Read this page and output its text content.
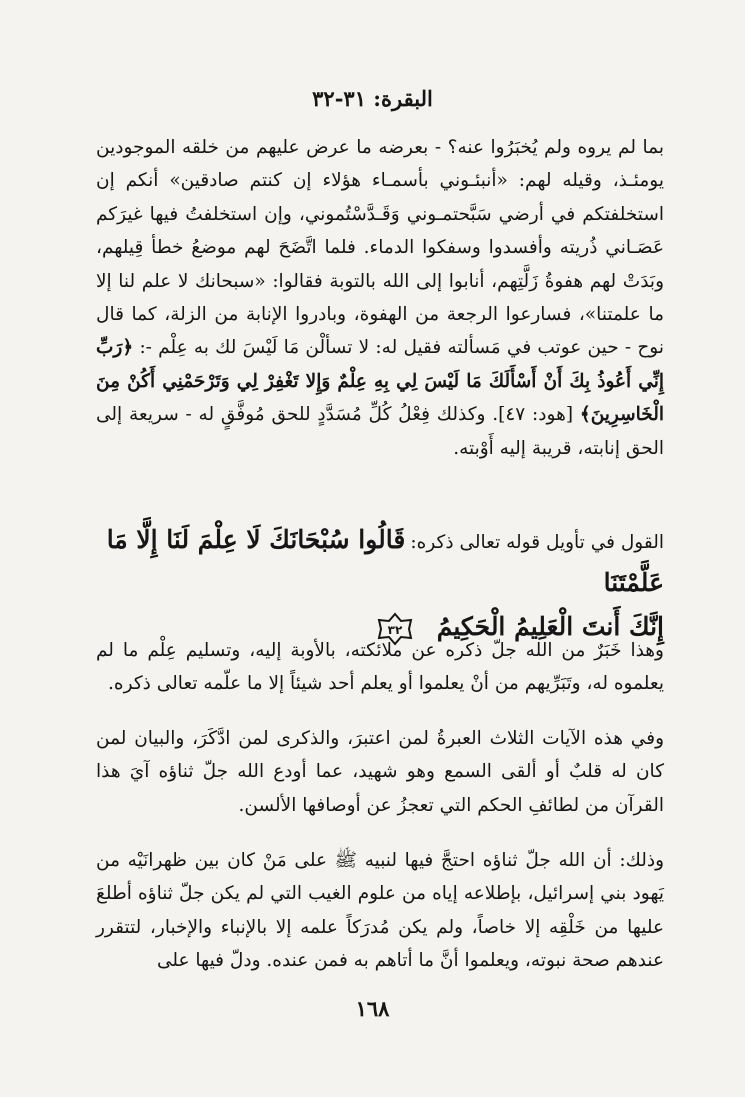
البقرة: ٣١-٣٢

بما لم يروه ولم يُخبَرُوا عنه؟ - بعرضه ما عرض عليهم من خلقه الموجودين يومئـذ، وقيله لهم: «أنبئـوني بأسمـاء هؤلاء إن كنتم صادقين» أنكم إن استخلفتكم في أرضي سَبَّحتمـوني وَقَـدَّسْتُموني، وإن استخلفتُ فيها غيرَكم عَصَـاني ذُريته وأفسدوا وسفكوا الدماء. فلما اتَّضَحَ لهم موضعُ خطأ قِيلهم، وبَدَتْ لهم هفوةُ زَلَّتِهم، أنابوا إلى الله بالتوبة فقالوا: «سبحانك لا علم لنا إلا ما علمتنا»، فسارعوا الرجعة من الهفوة، وبادروا الإنابة من الزلة، كما قال نوح - حين عوتب في مَسألته فقيل له: لا تسألْن مَا لَيْسَ لك به عِلْم -: ﴿رَبِّ إِنِّي أَعُوذُ بِكَ أَنْ أَسْأَلَكَ مَا لَيْسَ لِي بِهِ عِلْمٌ وَإِلا تَغْفِرْ لِي وَتَرْحَمْنِي أَكُنْ مِنَ الْخَاسِرِينَ﴾ [هود: ٤٧]. وكذلك فِعْلُ كُلِّ مُسَدَّدٍ للحق مُوفَّقٍ له - سريعة إلى الحق إنابته، قريبة إليه أَوْبته.

القول في تأويل قوله تعالى ذكره: قَالُوا سُبْحَانَكَ لَا عِلْمَ لَنَا إِلَّا مَا عَلَّمْتَنَا
إِنَّكَ أَنتَ الْعَلِيمُ الْحَكِيمُ
٣٢

وهذا خَبَرٌ من الله جلّ ذكره عن ملائكته، بالأوبة إليه، وتسليم عِلْم ما لم يعلموه له، وتَبَرِّيهم من أنْ يعلموا أو يعلم أحد شيئاً إلا ما علّمه تعالى ذكره.

وفي هذه الآيات الثلاث العبرةُ لمن اعتبرَ، والذكرى لمن ادَّكَرَ، والبيان لمن كان له قلبٌ أو ألقى السمع وهو شهيد، عما أودع الله جلّ ثناؤه آيَ هذا القرآن من لطائفِ الحكم التي تعجزُ عن أوصافها الألسن.

وذلك: أن الله جلّ ثناؤه احتجَّ فيها لنبيه ﷺ على مَنْ كان بين ظهرانَيْه من يَهود بني إسرائيل، بإطلاعه إياه من علوم الغيب التي لم يكن جلّ ثناؤه أطلعَ عليها من خَلْقِه إلا خاصاً، ولم يكن مُدرَكاً علمه إلا بالإنباء والإخبار، لتتقرر عندهم صحة نبوته، ويعلموا أنَّ ما أتاهم به فمن عنده. ودلّ فيها على

١٦٨
